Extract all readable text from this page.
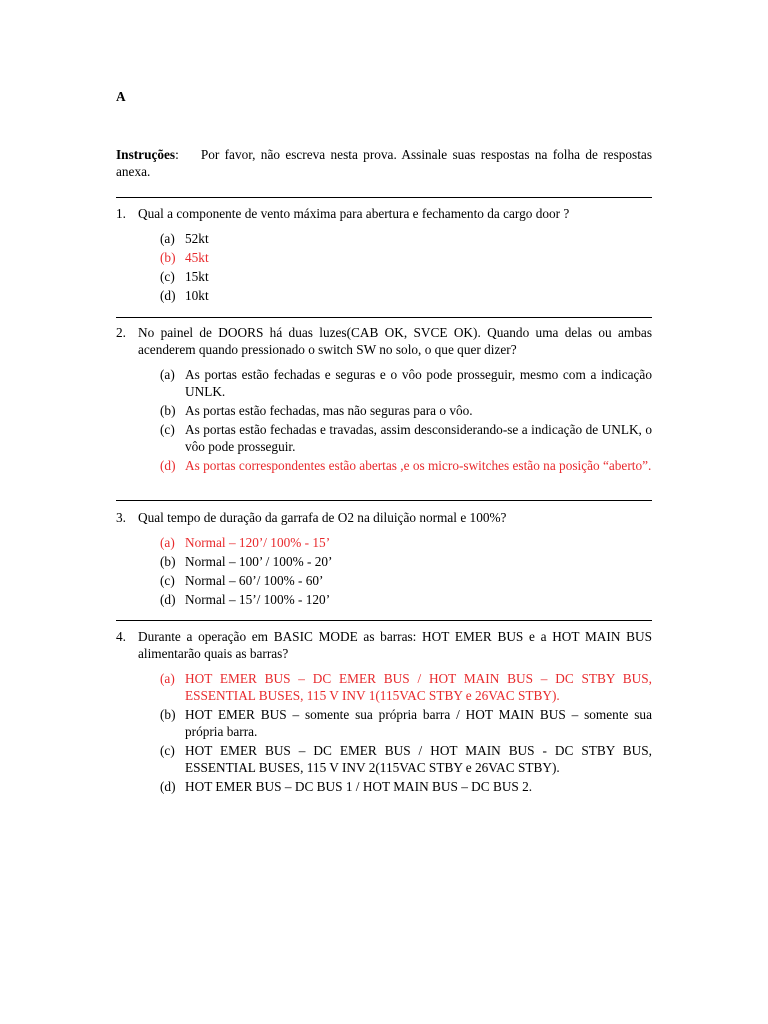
A
Instruções: Por favor, não escreva nesta prova. Assinale suas respostas na folha de respostas anexa.
1. Qual a componente de vento máxima para abertura e fechamento da cargo door ?
(a) 52kt
(b) 45kt
(c) 15kt
(d) 10kt
2. No painel de DOORS há duas luzes(CAB OK, SVCE OK). Quando uma delas ou ambas acenderem quando pressionado o switch SW no solo, o que quer dizer?
(a) As portas estão fechadas e seguras e o vôo pode prosseguir, mesmo com a indicação UNLK.
(b) As portas estão fechadas, mas não seguras para o vôo.
(c) As portas estão fechadas e travadas, assim desconsiderando-se a indicação de UNLK, o vôo pode prosseguir.
(d) As portas correspondentes estão abertas ,e os micro-switches estão na posição “aberto”.
3. Qual tempo de duração da garrafa de O2 na diluição normal e 100%?
(a) Normal – 120’/ 100% - 15’
(b) Normal – 100’ / 100% - 20’
(c) Normal – 60’/ 100% - 60’
(d) Normal – 15’/ 100% - 120’
4. Durante a operação em BASIC MODE as barras: HOT EMER BUS e a HOT MAIN BUS alimentarão quais as barras?
(a) HOT EMER BUS – DC EMER BUS / HOT MAIN BUS – DC STBY BUS, ESSENTIAL BUSES, 115 V INV 1(115VAC STBY e 26VAC STBY).
(b) HOT EMER BUS – somente sua própria barra / HOT MAIN BUS – somente sua própria barra.
(c) HOT EMER BUS – DC EMER BUS / HOT MAIN BUS - DC STBY BUS, ESSENTIAL BUSES, 115 V INV 2(115VAC STBY e 26VAC STBY).
(d) HOT EMER BUS – DC BUS 1 / HOT MAIN BUS – DC BUS 2.
